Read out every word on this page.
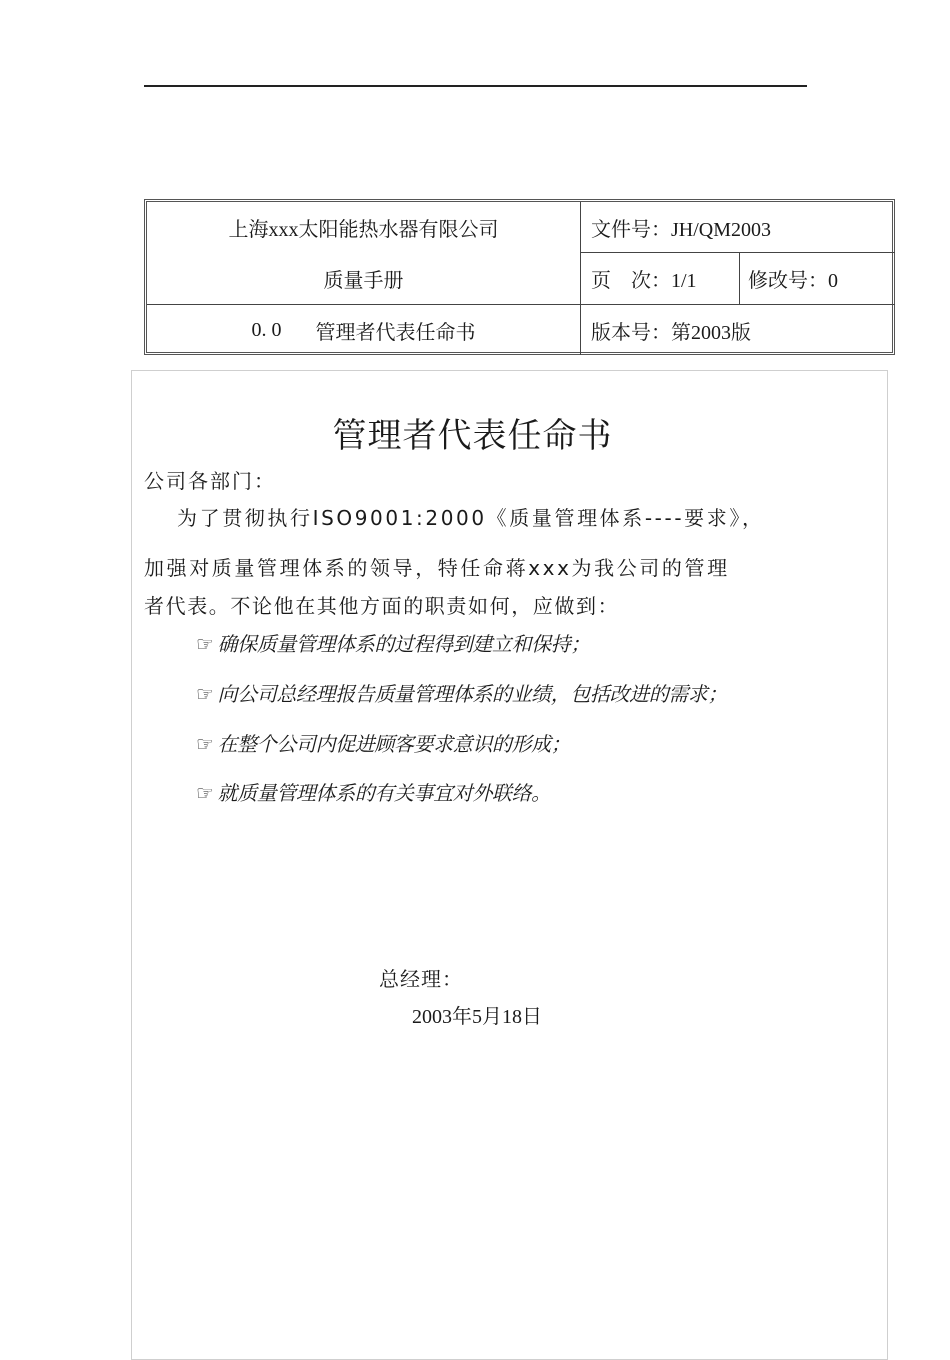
上海xxx太阳能热水器有限公司
质量手册
0. 0 管理者代表任命书
文件号：JH/QM2003
页　次：1/1	修改号：0
版本号：第2003版
管理者代表任命书
公司各部门：
为了贯彻执行ISO9001:2000《质量管理体系----要求》，
加强对质量管理体系的领导，特任命蒋xxx为我公司的管理
者代表。不论他在其他方面的职责如何，应做到：
☞ 确保质量管理体系的过程得到建立和保持；
☞ 向公司总经理报告质量管理体系的业绩，包括改进的需求；
☞ 在整个公司内促进顾客要求意识的形成；
☞ 就质量管理体系的有关事宜对外联络。
总经理：
2003年5月18日
